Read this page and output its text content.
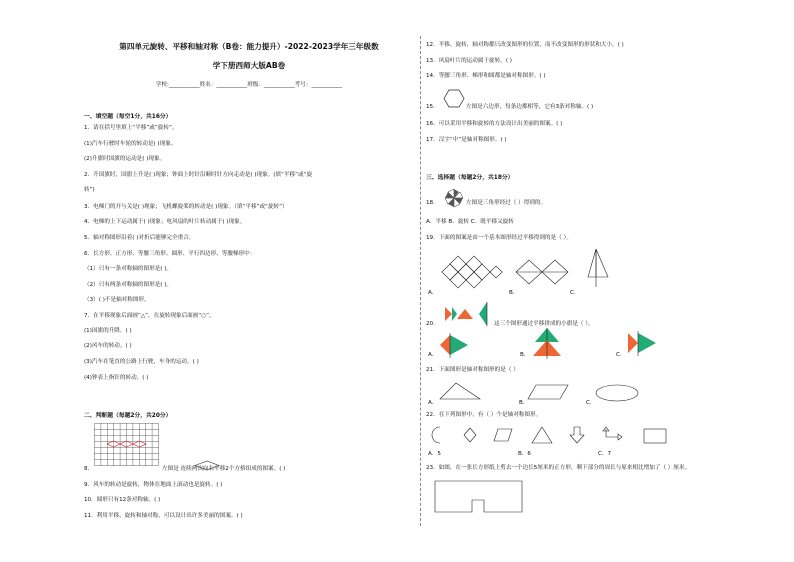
第四单元旋转、平移和轴对称（B卷：能力提升）-2022-2023学年三年级数
学下册西师大版AB卷
学校:___________姓名：___________班级：___________考号：___________
一、填空题（每空1分，共16分）
1．请在括号里填上“平移”或“旋转”。
(1)汽车行驶时车轮的转动是( )现象。
(2)升旗时国旗的运动是( )现象。
2．升国旗时，国旗上升是( )现象；钟面上时针沿顺时针方向走动是( )现象。(填“平移”或“旋
转”)
3．电梯门的开与关是( )现象；飞机螺旋桨的转动是( )现象。（填“平移”或“旋转”）
4．电梯的上下运动属于( )现象；电风扇的叶片转动属于( )现象。
5．轴对称图形沿着( )对折后能够完全重合。
6．长方形、正方形、等腰三角形、圆形、平行四边形、等腰梯形中：
（1）只有一条对称轴的图形是( )。
（2）只有两条对称轴的图形是( )。
（3）( )不是轴对称图形。
7．在平移现象后面画“△”，在旋转现象后面画“○”。
(1)国旗的升降。( )
(2)风车的转动。( )
(3)汽车在笔直的公路上行驶，车身的运动。( )
(4)钟表上指针的转动。( )
二、判断题（每题2分，共20分）
8．	左图是 连续两次向右平移2个方格组成的图案。( )
9．风车的转动是旋转，物体在地面上滚动也是旋转。( )
10．圆形只有12条对称轴。( )
11．利用平移、旋转和轴对称，可以设计出许多美丽的图案。( )
12．平移、旋转、轴对称都只改变图形的位置，而不改变图形的形状和大小。( )
13．风扇叶片的运动属于旋转。( )
14．等腰三角形、梯形和圆都是轴对称图形。( )
15．	左图是六边形，每条边都相等，它有3条对称轴。( )
16．可以采用平移和旋转的方法设计出美丽的图案。( )
17．汉字“中”是轴对称图形。( )
三、选择题（每题2分，共18分）
18．	左图是三角形经过（ ）得到的。
A．平移 B．旋转 C．既平移又旋转
19．下面的图案是由一个基本图形经过平移得到的是（ ）。
A．	B．	C．
20．	这三个图形通过平移拼成的小旗是（ ）。
A．	B．	C．
21．下面图形是轴对称图形的是（ ）
A．	B．	C．
22．在下列图形中，有（ ）个是轴对称图形。
A．5	B．6	C．7
23．如图，在一张长方形纸上剪去一个边长5厘米的正方形，剩下部分的周长与原来相比增加了（ ）厘米。
